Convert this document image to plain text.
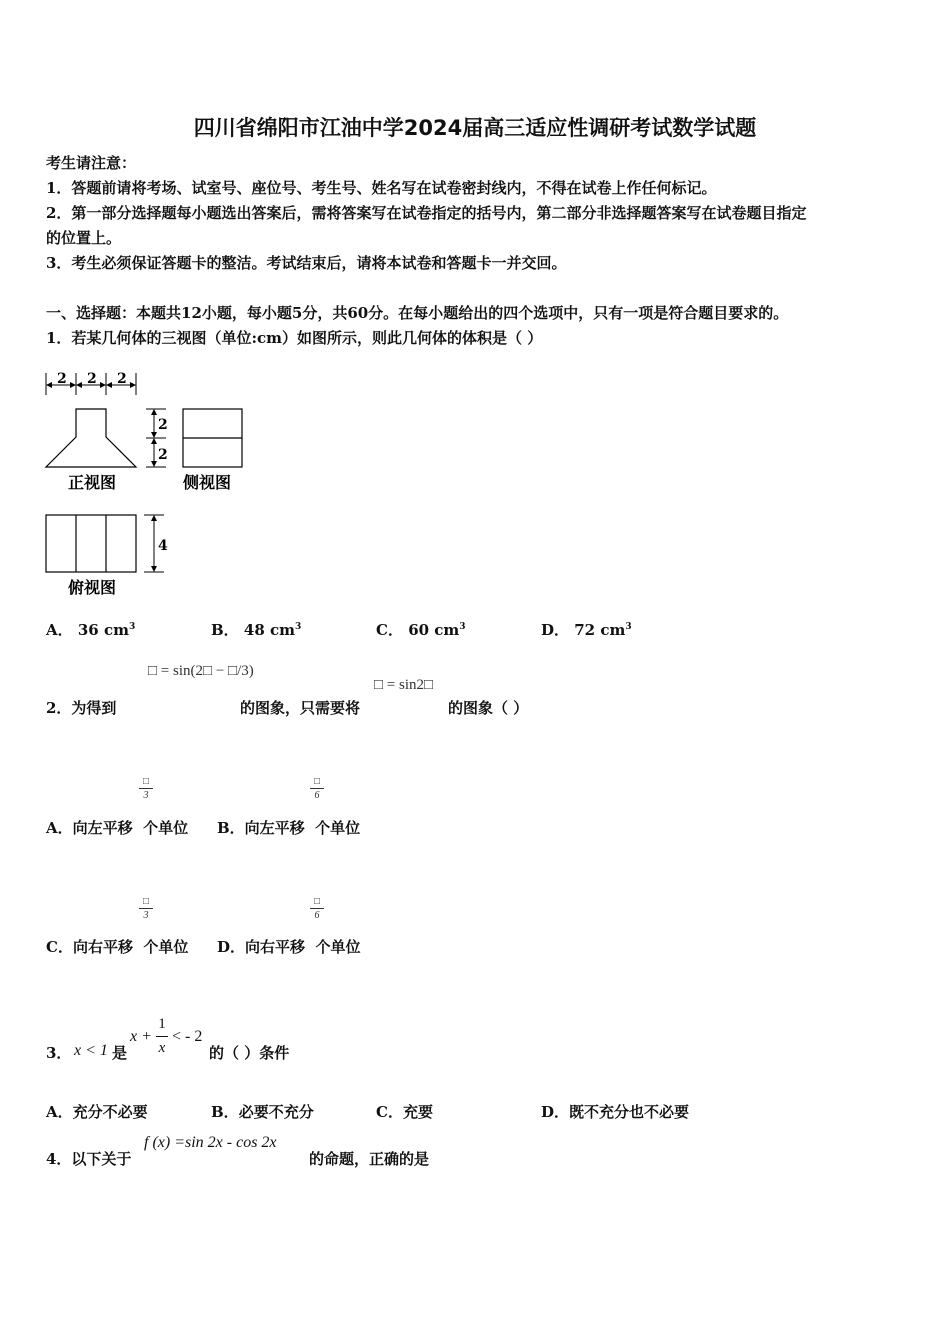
四川省绵阳市江油中学2024届高三适应性调研考试数学试题
考生请注意：
1．答题前请将考场、试室号、座位号、考生号、姓名写在试卷密封线内，不得在试卷上作任何标记。
2．第一部分选择题每小题选出答案后，需将答案写在试卷指定的括号内，第二部分非选择题答案写在试卷题目指定
的位置上。
3．考生必须保证答题卡的整洁。考试结束后，请将本试卷和答题卡一并交回。
一、选择题：本题共12小题，每小题5分，共60分。在每小题给出的四个选项中，只有一项是符合题目要求的。
1．若某几何体的三视图（单位:cm）如图所示，则此几何体的体积是（ ）
2 2 2
2
2
正视图	侧视图
4
俯视图
A． 36 $cm^3$	B． 48 $cm^3$	C． 60 $cm^3$	D． 72 $cm^3$
□ = sin(2□ − □/3)
□ = sin2□
2．为得到	的图象，只需要将	的图象（ ）
□
3
□
6
A．向左平移 个单位 B．向左平移 个单位
□
3
□
6
C．向右平移 个单位 D．向右平移 个单位
3． x < 1 是
x +
1
x
< - 2
的（ ）条件
A．充分不必要	B．必要不充分	C．充要	D．既不充分也不必要
4．以下关于
f (x) =sin 2x - cos 2x
的命题，正确的是
